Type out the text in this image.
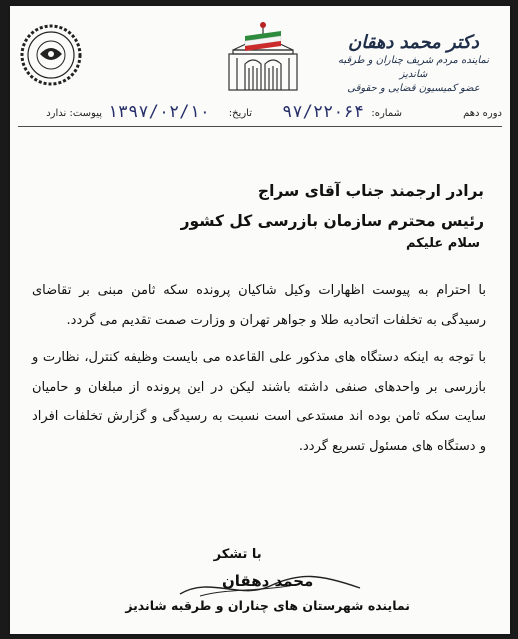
دکتر محمد دهقان
نماینده مردم شریف چناران و طرقبه شاندیز
عضو کمیسیون قضایی و حقوقی
دوره دهم
شماره:
۹۷/۲۲۰۶۴
تاریخ:
۱۳۹۷/۰۲/۱۰
پیوست: ندارد
برادر ارجمند جناب آقای سراج
رئیس محترم سازمان بازرسی کل کشور
سلام علیکم

با احترام به پیوست اظهارات وکیل شاکیان پرونده سکه ثامن مبنی بر تقاضای رسیدگی به تخلفات اتحادیه طلا و جواهر تهران و وزارت صمت تقدیم می گردد.

با توجه به اینکه دستگاه های مذکور علی القاعده می بایست وظیفه کنترل، نظارت و بازرسی بر واحدهای صنفی داشته باشند لیکن در این پرونده از مبلغان و حامیان سایت سکه ثامن بوده اند مستدعی است نسبت به رسیدگی و گزارش تخلفات افراد و دستگاه های مسئول تسریع گردد.

با تشکر
محمد دهقان
نماینده شهرستان های چناران و طرقبه شاندیز
